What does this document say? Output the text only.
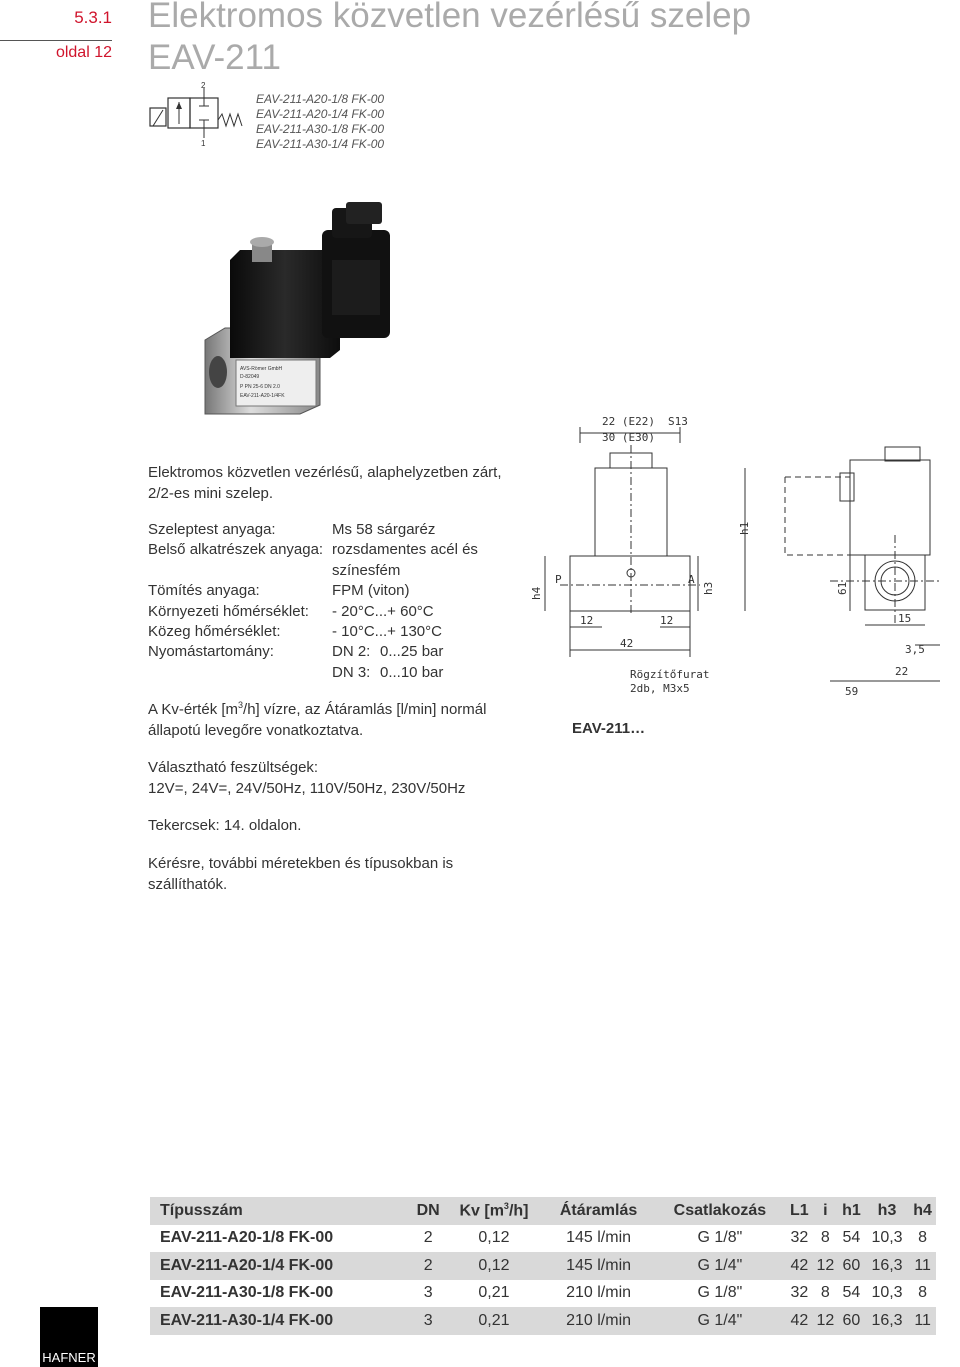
5.3.1
oldal 12
Elektromos közvetlen vezérlésű szelep
EAV-211
2
1
EAV-211-A20-1/8 FK-00
EAV-211-A20-1/4 FK-00
EAV-211-A30-1/8 FK-00
EAV-211-A30-1/4 FK-00
AVS-Römer GmbH
D-82049
P PN 25-6 DN 2.0
EAV-211-A20-1/4FK
Elektromos közvetlen vezérlésű, alaphelyzetben zárt,
2/2-es mini szelep.
Szeleptest anyaga:	Ms 58 sárgaréz
Belső alkatrészek anyaga: rozsdamentes acél és
színesfém
Tömítés anyaga:	FPM (viton)
Környezeti hőmérséklet:	- 20°C...+ 60°C
Közeg hőmérséklet:	- 10°C...+ 130°C
Nyomástartomány:	DN 2: 0...25 bar
DN 3: 0...10 bar
A Kv-érték $[m^3/h]$ vízre, az Átáramlás [l/min] normál
állapotú levegőre vonatkoztatva.
22 (E22)
30 (E30)
S13
h1
h3
h4
P	A
12	12
42
61
15
3,5
22
59
Rögzítőfurat
2db, M3x5
EAV-211…
Választható feszültségek:
12V=, 24V=, 24V/50Hz, 110V/50Hz, 230V/50Hz
Tekercsek: 14. oldalon.
Kérésre, további méretekben és típusokban is
szállíthatók.
Típusszám	DN	Kv $[m^3/h]$	Átáramlás	Csatlakozás	L1	i	h1	h3	h4
EAV-211-A20-1/8 FK-00	2	0,12	145 l/min	G 1/8"	32	8	54	10,3	8
EAV-211-A20-1/4 FK-00	2	0,12	145 l/min	G 1/4"	42	12	60	16,3	11
EAV-211-A30-1/8 FK-00	3	0,21	210 l/min	G 1/8"	32	8	54	10,3	8
EAV-211-A30-1/4 FK-00	3	0,21	210 l/min	G 1/4"	42	12	60	16,3	11
HAFNER
